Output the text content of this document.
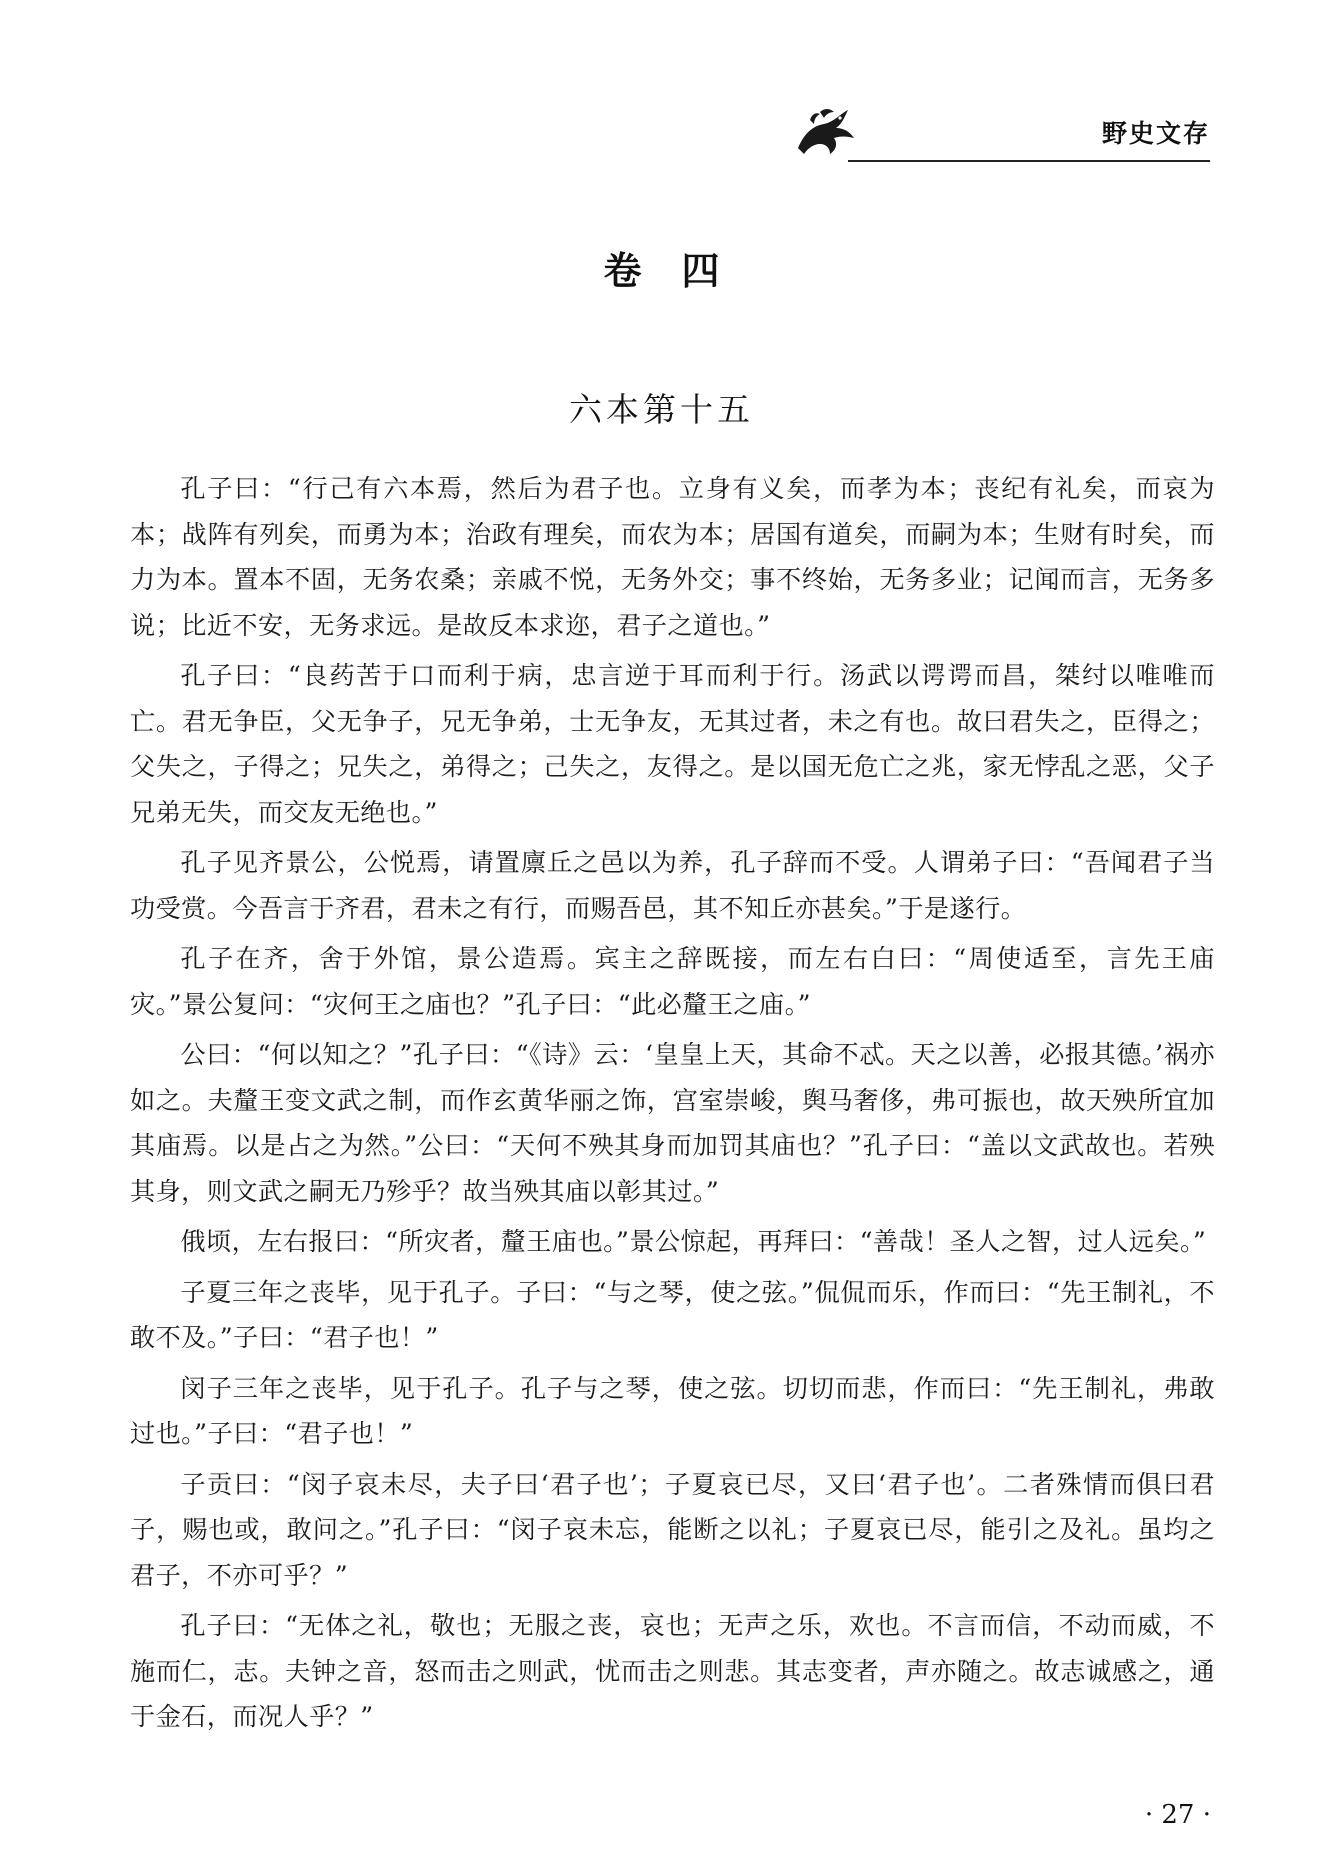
野史文存
卷四
六本第十五

孔子曰：“行己有六本焉，然后为君子也。立身有义矣，而孝为本；丧纪有礼矣，而哀为本；战阵有列矣，而勇为本；治政有理矣，而农为本；居国有道矣，而嗣为本；生财有时矣，而力为本。置本不固，无务农桑；亲戚不悦，无务外交；事不终始，无务多业；记闻而言，无务多说；比近不安，无务求远。是故反本求迩，君子之道也。”

孔子曰：“良药苦于口而利于病，忠言逆于耳而利于行。汤武以谔谔而昌，桀纣以唯唯而亡。君无争臣，父无争子，兄无争弟，士无争友，无其过者，未之有也。故曰君失之，臣得之；父失之，子得之；兄失之，弟得之；己失之，友得之。是以国无危亡之兆，家无悖乱之恶，父子兄弟无失，而交友无绝也。”

孔子见齐景公，公悦焉，请置廪丘之邑以为养，孔子辞而不受。人谓弟子曰：“吾闻君子当功受赏。今吾言于齐君，君未之有行，而赐吾邑，其不知丘亦甚矣。”于是遂行。

孔子在齐，舍于外馆，景公造焉。宾主之辞既接，而左右白曰：“周使适至，言先王庙灾。”景公复问：“灾何王之庙也？”孔子曰：“此必釐王之庙。”

公曰：“何以知之？”孔子曰：“《诗》云：‘皇皇上天，其命不忒。天之以善，必报其德。’祸亦如之。夫釐王变文武之制，而作玄黄华丽之饰，宫室崇峻，舆马奢侈，弗可振也，故天殃所宜加其庙焉。以是占之为然。”公曰：“天何不殃其身而加罚其庙也？”孔子曰：“盖以文武故也。若殃其身，则文武之嗣无乃殄乎？故当殃其庙以彰其过。”

俄顷，左右报曰：“所灾者，釐王庙也。”景公惊起，再拜曰：“善哉！圣人之智，过人远矣。”

子夏三年之丧毕，见于孔子。子曰：“与之琴，使之弦。”侃侃而乐，作而曰：“先王制礼，不敢不及。”子曰：“君子也！”

闵子三年之丧毕，见于孔子。孔子与之琴，使之弦。切切而悲，作而曰：“先王制礼，弗敢过也。”子曰：“君子也！”

子贡曰：“闵子哀未尽，夫子曰‘君子也’；子夏哀已尽，又曰‘君子也’。二者殊情而俱曰君子，赐也或，敢问之。”孔子曰：“闵子哀未忘，能断之以礼；子夏哀已尽，能引之及礼。虽均之君子，不亦可乎？”

孔子曰：“无体之礼，敬也；无服之丧，哀也；无声之乐，欢也。不言而信，不动而威，不施而仁，志。夫钟之音，怒而击之则武，忧而击之则悲。其志变者，声亦随之。故志诚感之，通于金石，而况人乎？”

· 27 ·
